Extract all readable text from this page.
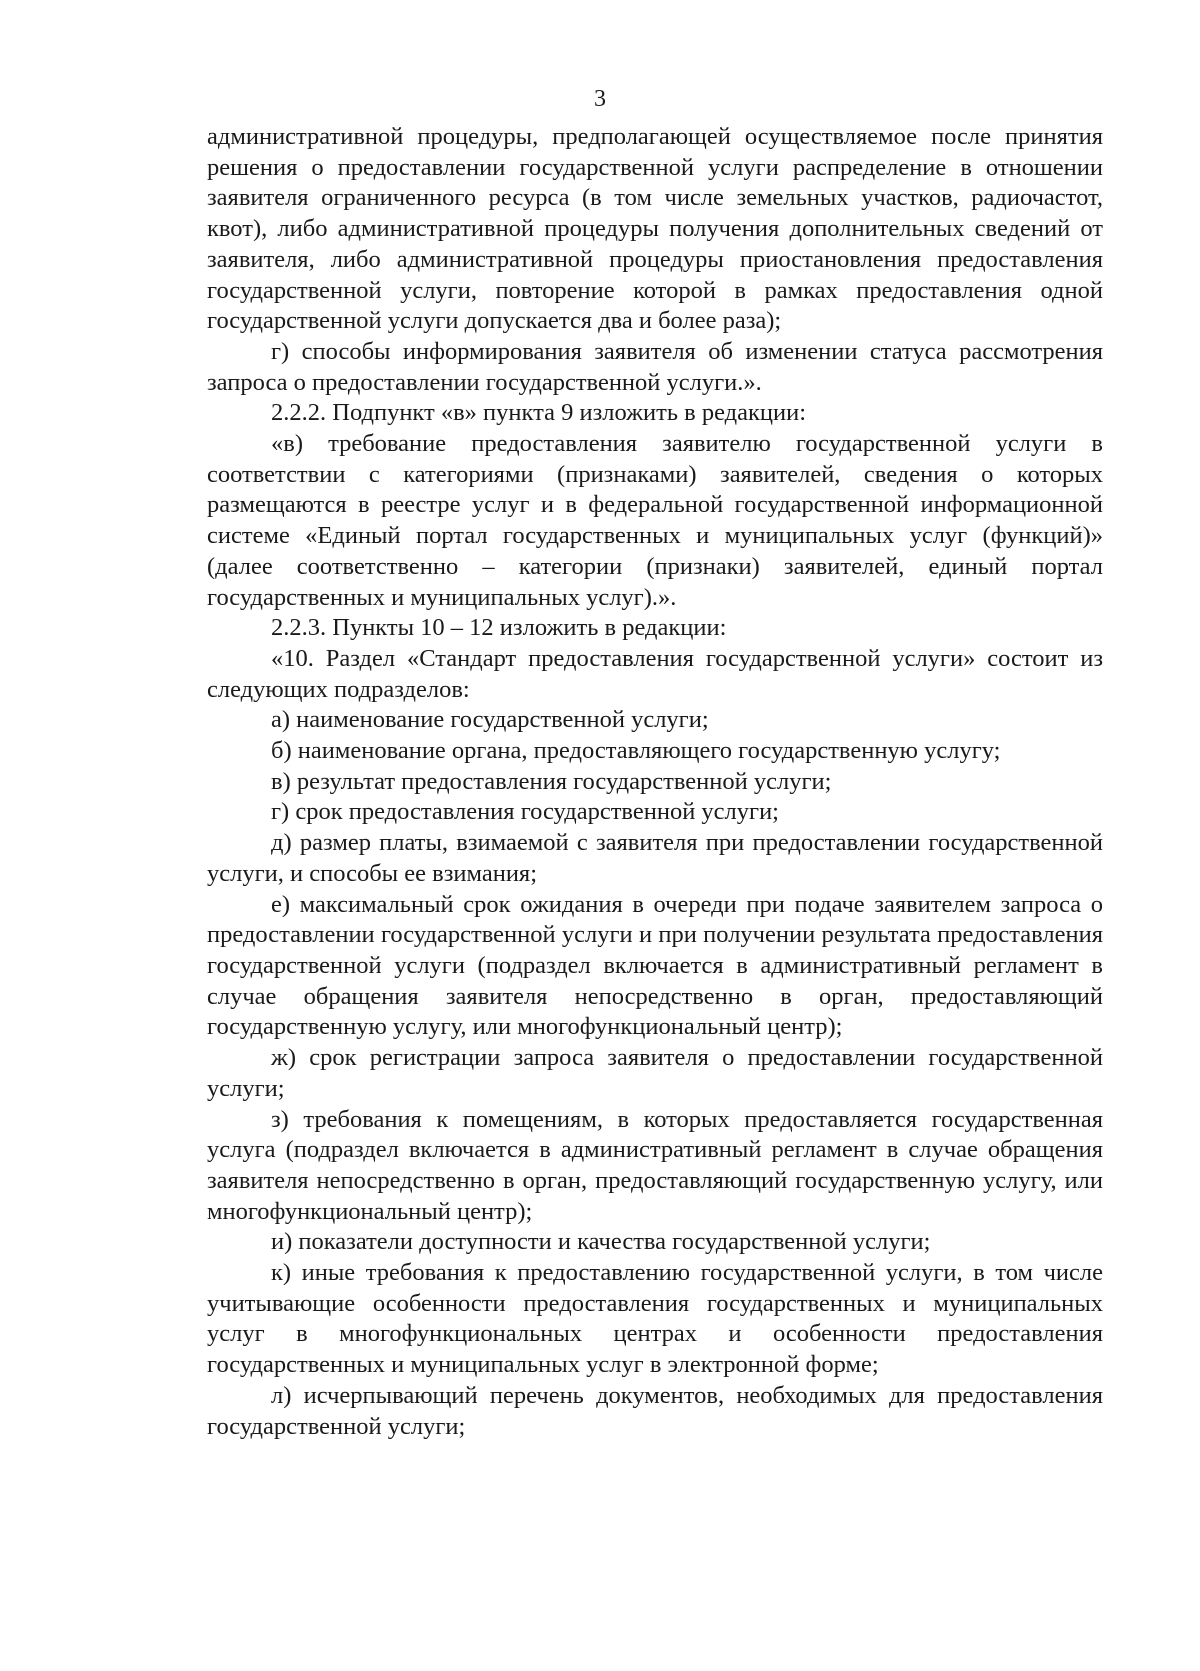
3

административной процедуры, предполагающей осуществляемое после принятия решения о предоставлении государственной услуги распределение в отношении заявителя ограниченного ресурса (в том числе земельных участков, радиочастот, квот), либо административной процедуры получения дополнительных сведений от заявителя, либо административной процедуры приостановления предоставления государственной услуги, повторение которой в рамках предоставления одной государственной услуги допускается два и более раза);

г) способы информирования заявителя об изменении статуса рассмотрения запроса о предоставлении государственной услуги.».

2.2.2. Подпункт «в» пункта 9 изложить в редакции:

«в) требование предоставления заявителю государственной услуги в соответствии с категориями (признаками) заявителей, сведения о которых размещаются в реестре услуг и в федеральной государственной информационной системе «Единый портал государственных и муниципальных услуг (функций)» (далее соответственно – категории (признаки) заявителей, единый портал государственных и муниципальных услуг).».

2.2.3. Пункты 10 – 12 изложить в редакции:

«10. Раздел «Стандарт предоставления государственной услуги» состоит из следующих подразделов:

а) наименование государственной услуги;

б) наименование органа, предоставляющего государственную услугу;

в) результат предоставления государственной услуги;

г) срок предоставления государственной услуги;

д) размер платы, взимаемой с заявителя при предоставлении государственной услуги, и способы ее взимания;

е) максимальный срок ожидания в очереди при подаче заявителем запроса о предоставлении государственной услуги и при получении результата предоставления государственной услуги (подраздел включается в административный регламент в случае обращения заявителя непосредственно в орган, предоставляющий государственную услугу, или многофункциональный центр);

ж) срок регистрации запроса заявителя о предоставлении государственной услуги;

з) требования к помещениям, в которых предоставляется государственная услуга (подраздел включается в административный регламент в случае обращения заявителя непосредственно в орган, предоставляющий государственную услугу, или многофункциональный центр);

и) показатели доступности и качества государственной услуги;

к) иные требования к предоставлению государственной услуги, в том числе учитывающие особенности предоставления государственных и муниципальных услуг в многофункциональных центрах и особенности предоставления государственных и муниципальных услуг в электронной форме;

л) исчерпывающий перечень документов, необходимых для предоставления государственной услуги;
